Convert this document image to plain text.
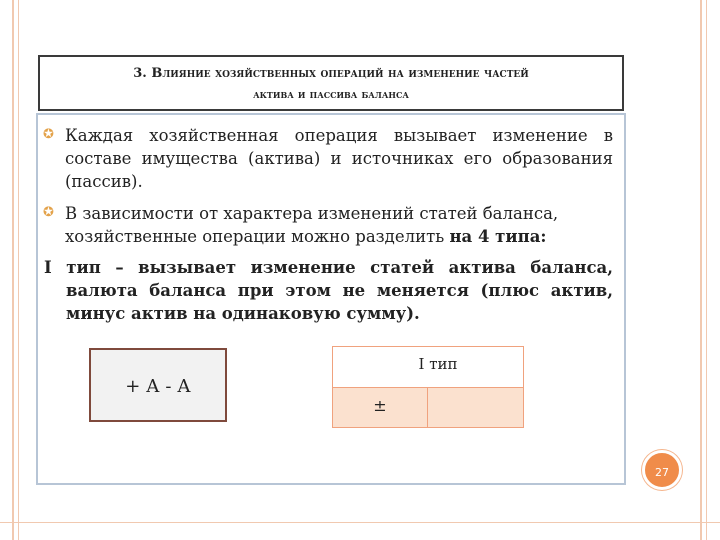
3. Влияние хозяйственных операций на изменение частей
актива и пассива баланса
✪ Каждая хозяйственная операция вызывает изменение в составе имущества (актива) и источниках его образования (пассив).
✪ В зависимости от характера изменений статей баланса, хозяйственные операции можно разделить на 4 типа:
I тип – вызывает изменение статей актива баланса, валюта баланса при этом не меняется (плюс актив, минус актив на одинаковую сумму).
+ А - А
I тип
±
27
